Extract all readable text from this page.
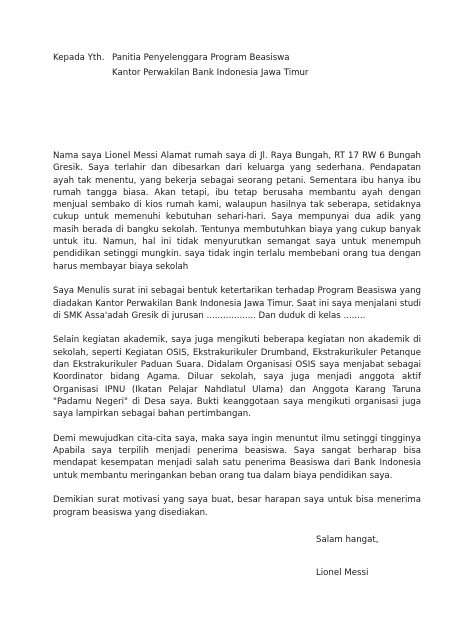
Kepada Yth. Panitia Penyelenggara Program Beasiswa
Kantor Perwakilan Bank Indonesia Jawa Timur

Nama saya Lionel Messi Alamat rumah saya di Jl. Raya Bungah, RT 17 RW 6 Bungah Gresik. Saya terlahir dan dibesarkan dari keluarga yang sederhana. Pendapatan ayah tak menentu, yang bekerja sebagai seorang petani. Sementara ibu hanya ibu rumah tangga biasa. Akan tetapi, ibu tetap berusaha membantu ayah dengan menjual sembako di kios rumah kami, walaupun hasilnya tak seberapa, setidaknya cukup untuk memenuhi kebutuhan sehari-hari. Saya mempunyai dua adik yang masih berada di bangku sekolah. Tentunya membutuhkan biaya yang cukup banyak untuk itu. Namun, hal ini tidak menyurutkan semangat saya untuk menempuh pendidikan setinggi mungkin. saya tidak ingin terlalu membebani orang tua dengan harus membayar biaya sekolah

Saya Menulis surat ini sebagai bentuk ketertarikan terhadap Program Beasiswa yang diadakan Kantor Perwakilan Bank Indonesia Jawa Timur. Saat ini saya menjalani studi di SMK Assa'adah Gresik di jurusan .................. Dan duduk di kelas ........

Selain kegiatan akademik, saya juga mengikuti beberapa kegiatan non akademik di sekolah, seperti Kegiatan OSIS, Ekstrakurikuler Drumband, Ekstrakurikuler Petanque dan Ekstrakurikuler Paduan Suara. Didalam Organisasi OSIS saya menjabat sebagai Koordinator bidang Agama. Diluar sekolah, saya juga menjadi anggota aktif Organisasi IPNU (Ikatan Pelajar Nahdlatul Ulama) dan Anggota Karang Taruna "Padamu Negeri" di Desa saya. Bukti keanggotaan saya mengikuti organisasi juga saya lampirkan sebagai bahan pertimbangan.

Demi mewujudkan cita-cita saya, maka saya ingin menuntut ilmu setinggi tingginya Apabila saya terpilih menjadi penerima beasiswa. Saya sangat berharap bisa mendapat kesempatan menjadi salah satu penerima Beasiswa dari Bank Indonesia untuk membantu meringankan beban orang tua dalam biaya pendidikan saya.

Demikian surat motivasi yang saya buat, besar harapan saya untuk bisa menerima program beasiswa yang disediakan.

Salam hangat,
Lionel Messi
